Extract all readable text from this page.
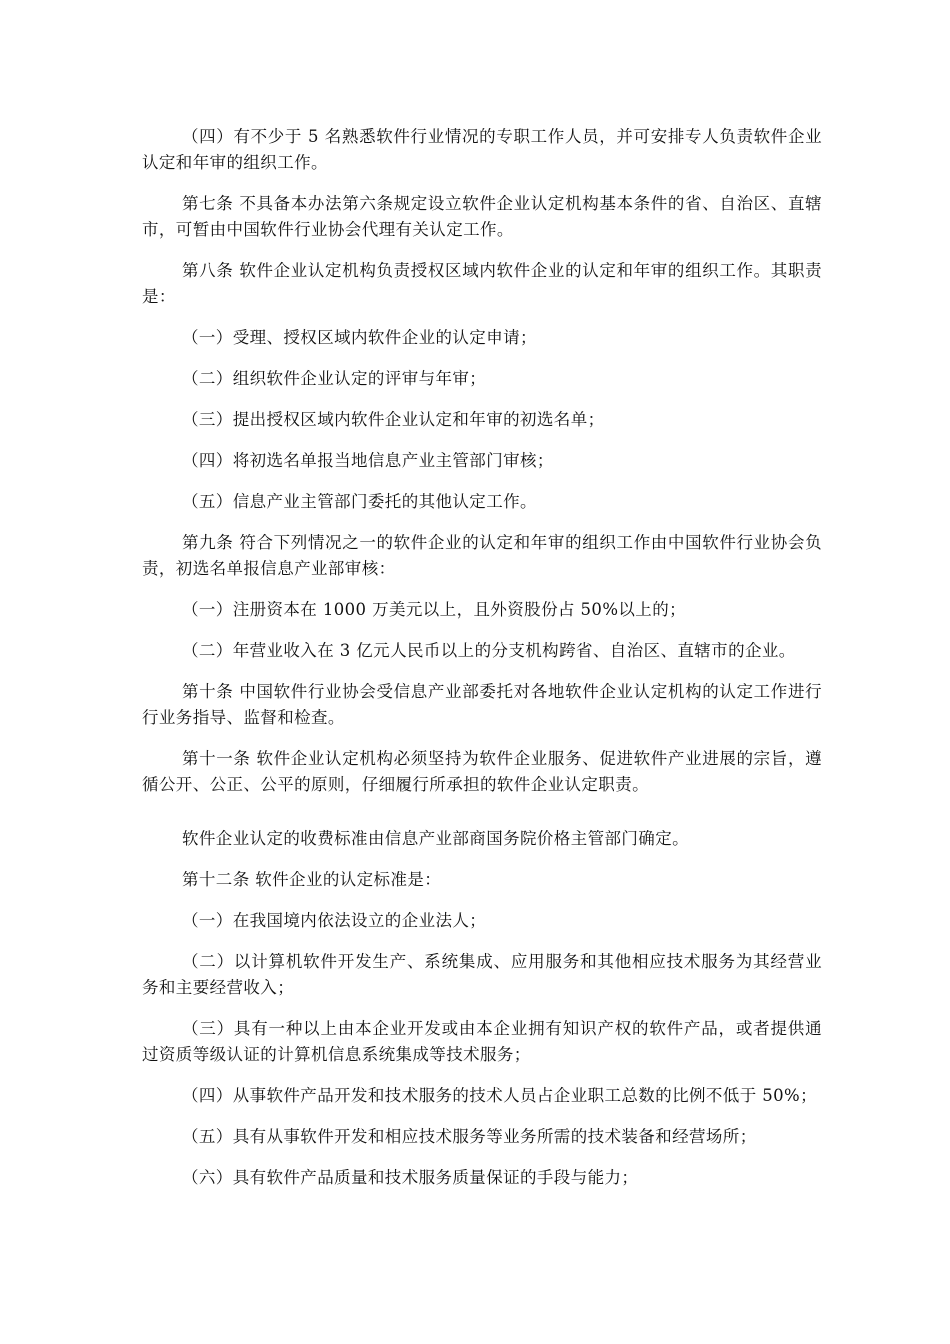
（四）有不少于 5 名熟悉软件行业情况的专职工作人员，并可安排专人负责软件企业认定和年审的组织工作。

第七条 不具备本办法第六条规定设立软件企业认定机构基本条件的省、自治区、直辖市，可暂由中国软件行业协会代理有关认定工作。

第八条 软件企业认定机构负责授权区域内软件企业的认定和年审的组织工作。其职责是：

（一）受理、授权区域内软件企业的认定申请；

（二）组织软件企业认定的评审与年审；

（三）提出授权区域内软件企业认定和年审的初选名单；

（四）将初选名单报当地信息产业主管部门审核；

（五）信息产业主管部门委托的其他认定工作。

第九条 符合下列情况之一的软件企业的认定和年审的组织工作由中国软件行业协会负责，初选名单报信息产业部审核：

（一）注册资本在 1000 万美元以上，且外资股份占 50%以上的；

（二）年营业收入在 3 亿元人民币以上的分支机构跨省、自治区、直辖市的企业。

第十条 中国软件行业协会受信息产业部委托对各地软件企业认定机构的认定工作进行行业务指导、监督和检查。

第十一条 软件企业认定机构必须坚持为软件企业服务、促进软件产业进展的宗旨，遵循公开、公正、公平的原则，仔细履行所承担的软件企业认定职责。

软件企业认定的收费标准由信息产业部商国务院价格主管部门确定。

第十二条 软件企业的认定标准是：

（一）在我国境内依法设立的企业法人；

（二）以计算机软件开发生产、系统集成、应用服务和其他相应技术服务为其经营业务和主要经营收入；

（三）具有一种以上由本企业开发或由本企业拥有知识产权的软件产品，或者提供通过资质等级认证的计算机信息系统集成等技术服务；

（四）从事软件产品开发和技术服务的技术人员占企业职工总数的比例不低于 50%；

（五）具有从事软件开发和相应技术服务等业务所需的技术装备和经营场所；

（六）具有软件产品质量和技术服务质量保证的手段与能力；
